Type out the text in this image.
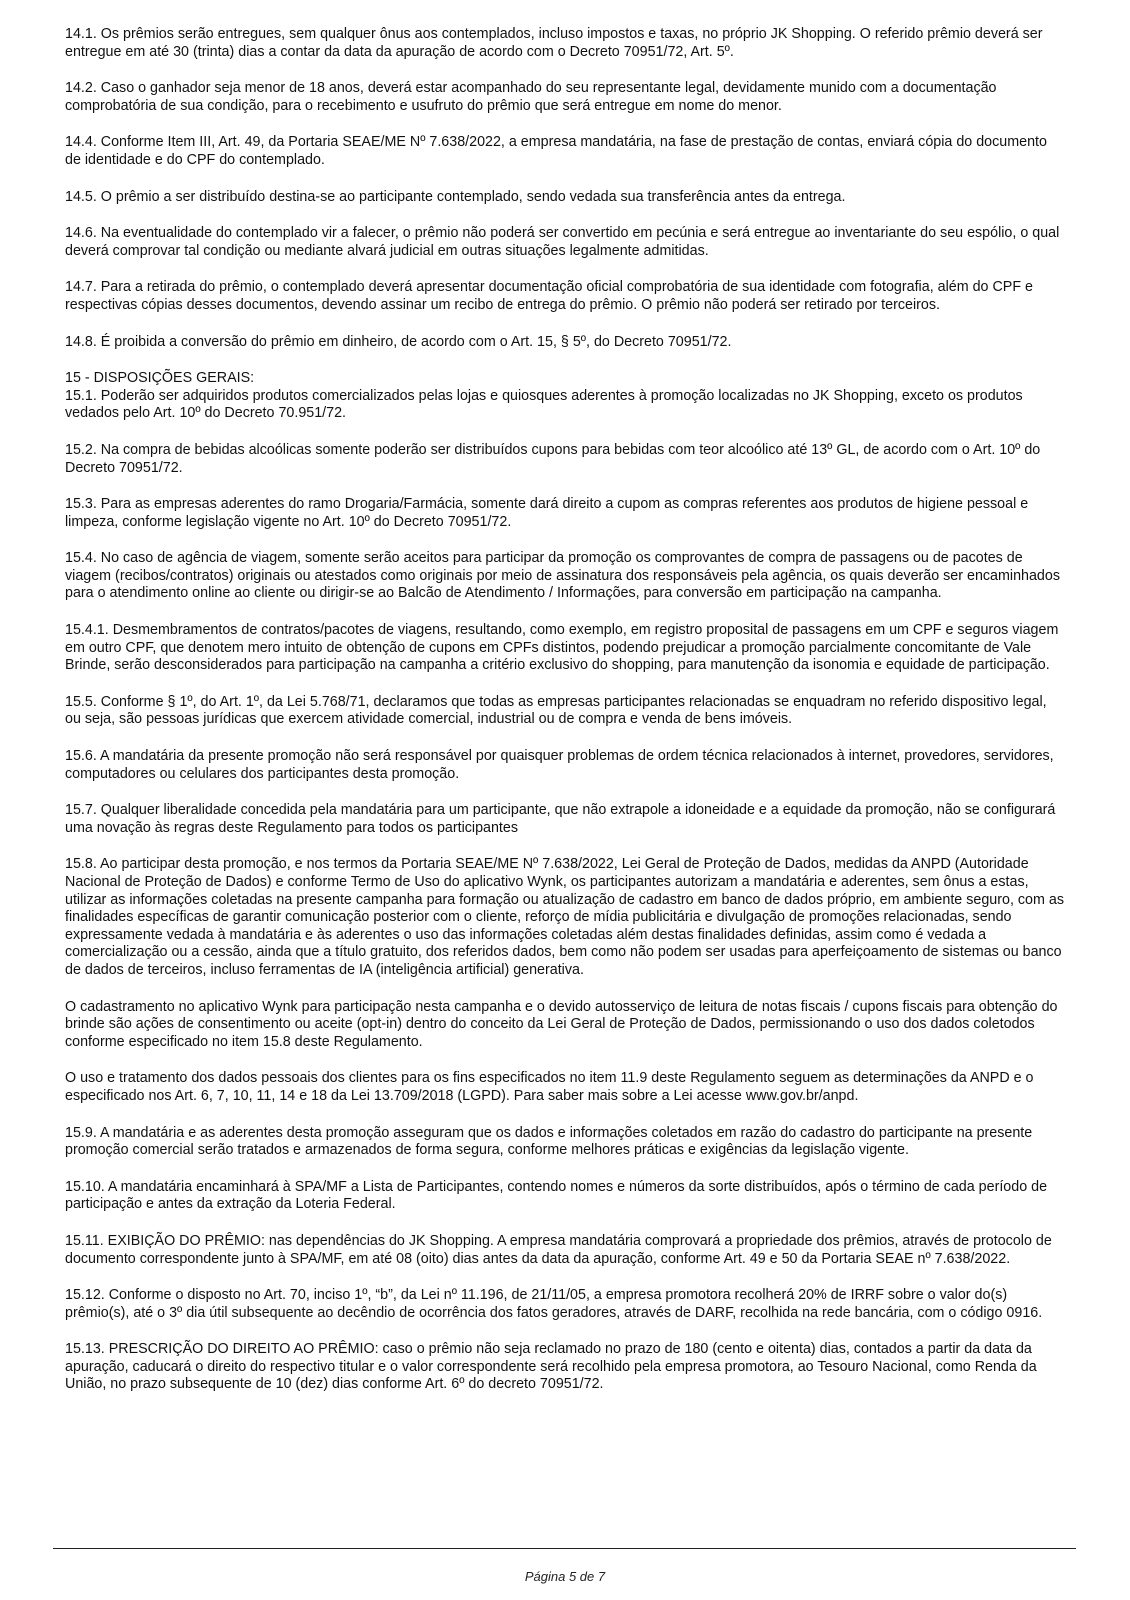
14.1. Os prêmios serão entregues, sem qualquer ônus aos contemplados, incluso impostos e taxas, no próprio JK Shopping. O referido prêmio deverá ser entregue em até 30 (trinta) dias a contar da data da apuração de acordo com o Decreto 70951/72, Art. 5º.

14.2. Caso o ganhador seja menor de 18 anos, deverá estar acompanhado do seu representante legal, devidamente munido com a documentação comprobatória de sua condição, para o recebimento e usufruto do prêmio que será entregue em nome do menor.

14.4. Conforme Item III, Art. 49, da Portaria SEAE/ME Nº 7.638/2022, a empresa mandatária, na fase de prestação de contas, enviará cópia do documento de identidade e do CPF do contemplado.

14.5. O prêmio a ser distribuído destina-se ao participante contemplado, sendo vedada sua transferência antes da entrega.

14.6. Na eventualidade do contemplado vir a falecer, o prêmio não poderá ser convertido em pecúnia e será entregue ao inventariante do seu espólio, o qual deverá comprovar tal condição ou mediante alvará judicial em outras situações legalmente admitidas.

14.7. Para a retirada do prêmio, o contemplado deverá apresentar documentação oficial comprobatória de sua identidade com fotografia, além do CPF e respectivas cópias desses documentos, devendo assinar um recibo de entrega do prêmio. O prêmio não poderá ser retirado por terceiros.

14.8. É proibida a conversão do prêmio em dinheiro, de acordo com o Art. 15, § 5º, do Decreto 70951/72.

15 - DISPOSIÇÕES GERAIS:

15.1. Poderão ser adquiridos produtos comercializados pelas lojas e quiosques aderentes à promoção localizadas no JK Shopping, exceto os produtos vedados pelo Art. 10º do Decreto 70.951/72.

15.2. Na compra de bebidas alcoólicas somente poderão ser distribuídos cupons para bebidas com teor alcoólico até 13º GL, de acordo com o Art. 10º do Decreto 70951/72.

15.3. Para as empresas aderentes do ramo Drogaria/Farmácia, somente dará direito a cupom as compras referentes aos produtos de higiene pessoal e limpeza, conforme legislação vigente no Art. 10º do Decreto 70951/72.

15.4. No caso de agência de viagem, somente serão aceitos para participar da promoção os comprovantes de compra de passagens ou de pacotes de viagem (recibos/contratos) originais ou atestados como originais por meio de assinatura dos responsáveis pela agência, os quais deverão ser encaminhados para o atendimento online ao cliente ou dirigir-se ao Balcão de Atendimento / Informações, para conversão em participação na campanha.

15.4.1. Desmembramentos de contratos/pacotes de viagens, resultando, como exemplo, em registro proposital de passagens em um CPF e seguros viagem em outro CPF, que denotem mero intuito de obtenção de cupons em CPFs distintos, podendo prejudicar a promoção parcialmente concomitante de Vale Brinde, serão desconsiderados para participação na campanha a critério exclusivo do shopping, para manutenção da isonomia e equidade de participação.

15.5. Conforme § 1º, do Art. 1º, da Lei 5.768/71, declaramos que todas as empresas participantes relacionadas se enquadram no referido dispositivo legal, ou seja, são pessoas jurídicas que exercem atividade comercial, industrial ou de compra e venda de bens imóveis.

15.6. A mandatária da presente promoção não será responsável por quaisquer problemas de ordem técnica relacionados à internet, provedores, servidores, computadores ou celulares dos participantes desta promoção.

15.7. Qualquer liberalidade concedida pela mandatária para um participante, que não extrapole a idoneidade e a equidade da promoção, não se configurará uma novação às regras deste Regulamento para todos os participantes

15.8. Ao participar desta promoção, e nos termos da Portaria SEAE/ME Nº 7.638/2022, Lei Geral de Proteção de Dados, medidas da ANPD (Autoridade Nacional de Proteção de Dados) e conforme Termo de Uso do aplicativo Wynk, os participantes autorizam a mandatária e aderentes, sem ônus a estas, utilizar as informações coletadas na presente campanha para formação ou atualização de cadastro em banco de dados próprio, em ambiente seguro, com as finalidades específicas de garantir comunicação posterior com o cliente, reforço de mídia publicitária e divulgação de promoções relacionadas, sendo expressamente vedada à mandatária e às aderentes o uso das informações coletadas além destas finalidades definidas, assim como é vedada a comercialização ou a cessão, ainda que a título gratuito, dos referidos dados, bem como não podem ser usadas para aperfeiçoamento de sistemas ou banco de dados de terceiros, incluso ferramentas de IA (inteligência artificial) generativa.

O cadastramento no aplicativo Wynk para participação nesta campanha e o devido autosserviço de leitura de notas fiscais / cupons fiscais para obtenção do brinde são ações de consentimento ou aceite (opt-in) dentro do conceito da Lei Geral de Proteção de Dados, permissionando o uso dos dados coletodos conforme especificado no item 15.8 deste Regulamento.

O uso e tratamento dos dados pessoais dos clientes para os fins especificados no item 11.9 deste Regulamento seguem as determinações da ANPD e o especificado nos Art. 6, 7, 10, 11, 14 e 18 da Lei 13.709/2018 (LGPD). Para saber mais sobre a Lei acesse www.gov.br/anpd.

15.9. A mandatária e as aderentes desta promoção asseguram que os dados e informações coletados em razão do cadastro do participante na presente promoção comercial serão tratados e armazenados de forma segura, conforme melhores práticas e exigências da legislação vigente.

15.10. A mandatária encaminhará à SPA/MF a Lista de Participantes, contendo nomes e números da sorte distribuídos, após o término de cada período de participação e antes da extração da Loteria Federal.

15.11. EXIBIÇÃO DO PRÊMIO: nas dependências do JK Shopping. A empresa mandatária comprovará a propriedade dos prêmios, através de protocolo de documento correspondente junto à SPA/MF, em até 08 (oito) dias antes da data da apuração, conforme Art. 49 e 50 da Portaria SEAE nº 7.638/2022.

15.12. Conforme o disposto no Art. 70, inciso 1º, “b”, da Lei nº 11.196, de 21/11/05, a empresa promotora recolherá 20% de IRRF sobre o valor do(s) prêmio(s), até o 3º dia útil subsequente ao decêndio de ocorrência dos fatos geradores, através de DARF, recolhida na rede bancária, com o código 0916.

15.13. PRESCRIÇÃO DO DIREITO AO PRÊMIO: caso o prêmio não seja reclamado no prazo de 180 (cento e oitenta) dias, contados a partir da data da apuração, caducará o direito do respectivo titular e o valor correspondente será recolhido pela empresa promotora, ao Tesouro Nacional, como Renda da União, no prazo subsequente de 10 (dez) dias conforme Art. 6º do decreto 70951/72.

Página 5 de 7
